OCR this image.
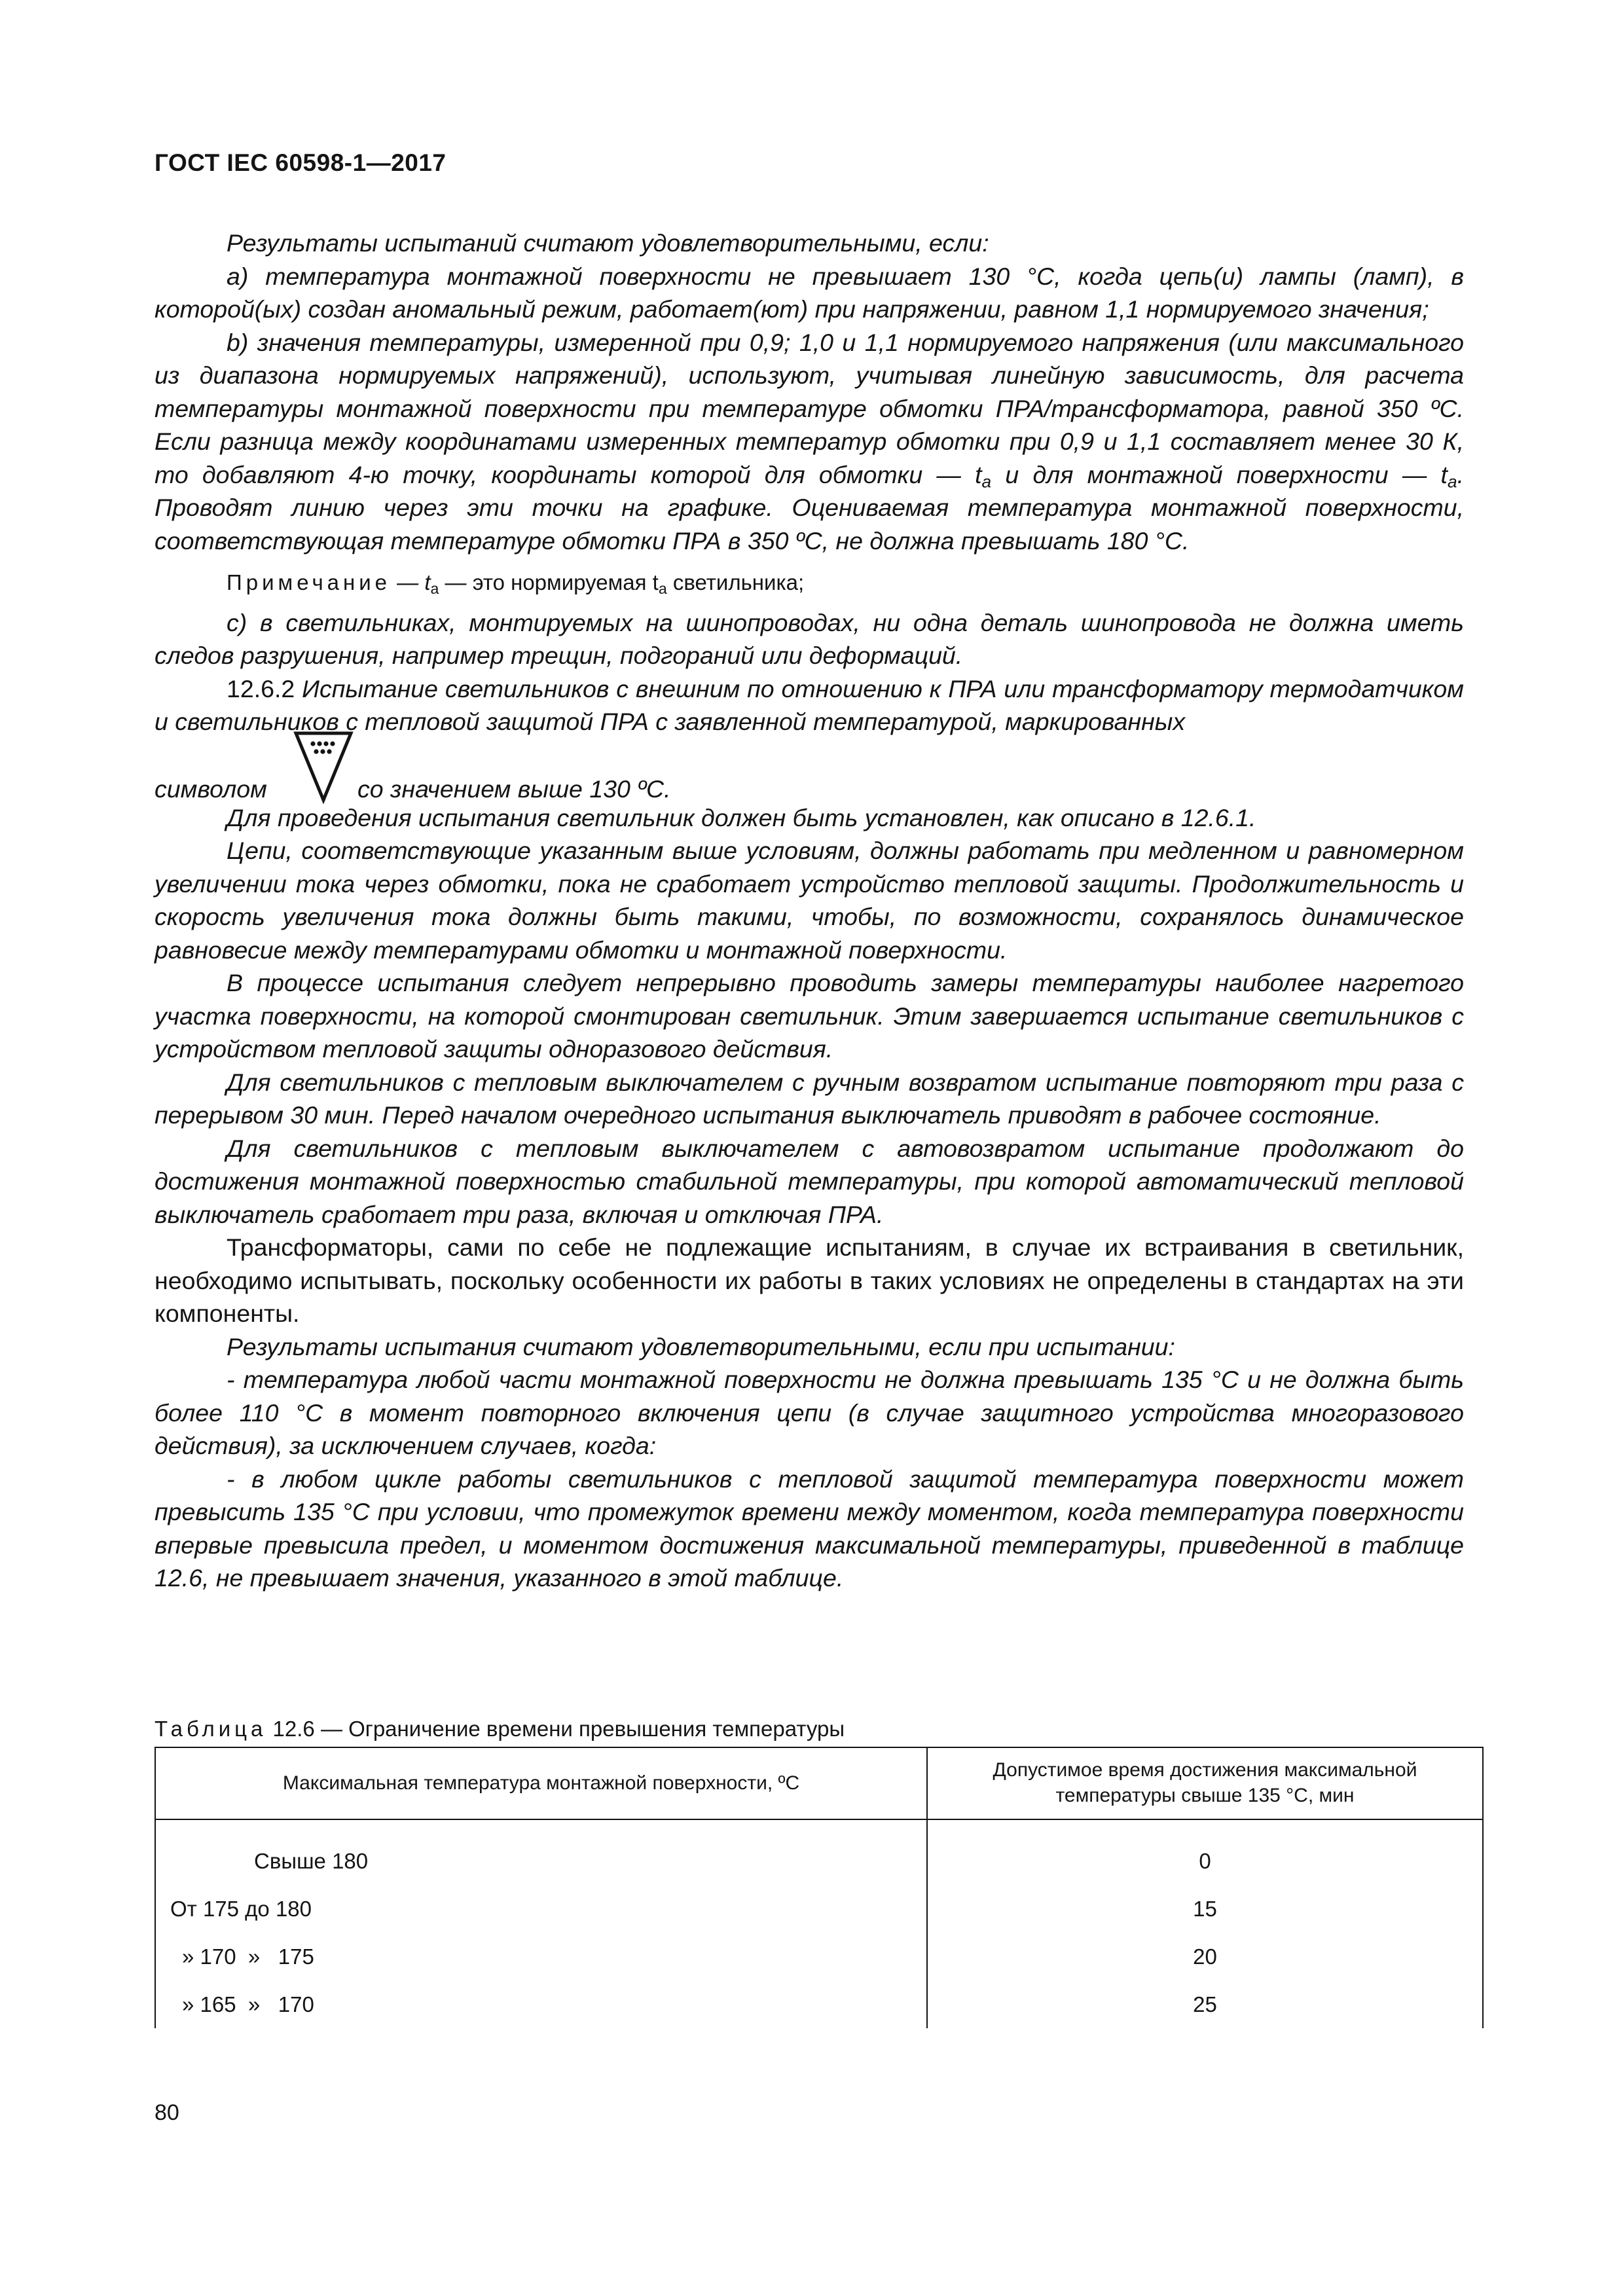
ГОСТ IEC 60598-1—2017

Результаты испытаний считают удовлетворительными, если:

а) температура монтажной поверхности не превышает 130 °С, когда цепь(и) лампы (ламп), в которой(ых) создан аномальный режим, работает(ют) при напряжении, равном 1,1 нормируемого значения;

b) значения температуры, измеренной при 0,9; 1,0 и 1,1 нормируемого напряжения (или максимального из диапазона нормируемых напряжений), используют, учитывая линейную зависимость, для расчета температуры монтажной поверхности при температуре обмотки ПРА/трансформатора, равной 350 ºС. Если разница между координатами измеренных температур обмотки при 0,9 и 1,1 составляет менее 30 К, то добавляют 4-ю точку, координаты которой для обмотки — $t_a$ и для монтажной поверхности — $t_a$. Проводят линию через эти точки на графике. Оцениваемая температура монтажной поверхности, соответствующая температуре обмотки ПРА в 350 ºС, не должна превышать 180 °С.

Примечание — $t_a$ — это нормируемая $t_a$ светильника;

с) в светильниках, монтируемых на шинопроводах, ни одна деталь шинопровода не должна иметь следов разрушения, например трещин, подгораний или деформаций.

12.6.2 Испытание светильников с внешним по отношению к ПРА или трансформатору термодатчиком и светильников с тепловой защитой ПРА с заявленной температурой, маркированных

символом	со значением выше 130 ºС.

Для проведения испытания светильник должен быть установлен, как описано в 12.6.1.

Цепи, соответствующие указанным выше условиям, должны работать при медленном и равномерном увеличении тока через обмотки, пока не сработает устройство тепловой защиты. Продолжительность и скорость увеличения тока должны быть такими, чтобы, по возможности, сохранялось динамическое равновесие между температурами обмотки и монтажной поверхности.

В процессе испытания следует непрерывно проводить замеры температуры наиболее нагретого участка поверхности, на которой смонтирован светильник. Этим завершается испытание светильников с устройством тепловой защиты одноразового действия.

Для светильников с тепловым выключателем с ручным возвратом испытание повторяют три раза с перерывом 30 мин. Перед началом очередного испытания выключатель приводят в рабочее состояние.

Для светильников с тепловым выключателем с автовозвратом испытание продолжают до достижения монтажной поверхностью стабильной температуры, при которой автоматический тепловой выключатель сработает три раза, включая и отключая ПРА.

Трансформаторы, сами по себе не подлежащие испытаниям, в случае их встраивания в светильник, необходимо испытывать, поскольку особенности их работы в таких условиях не определены в стандартах на эти компоненты.

Результаты испытания считают удовлетворительными, если при испытании:

- температура любой части монтажной поверхности не должна превышать 135 °С и не должна быть более 110 °С в момент повторного включения цепи (в случае защитного устройства многоразового действия), за исключением случаев, когда:

- в любом цикле работы светильников с тепловой защитой температура поверхности может превысить 135 °С при условии, что промежуток времени между моментом, когда температура поверхности впервые превысила предел, и моментом достижения максимальной температуры, приведенной в таблице 12.6, не превышает значения, указанного в этой таблице.

Таблица 12.6 — Ограничение времени превышения температуры
Максимальная температура монтажной поверхности, ºС	Допустимое время достижения максимальной температуры свыше 135 °С, мин
Свыше 180	0
От 175 до 180	15
» 170  »   175	20
» 165  »   170	25
80
